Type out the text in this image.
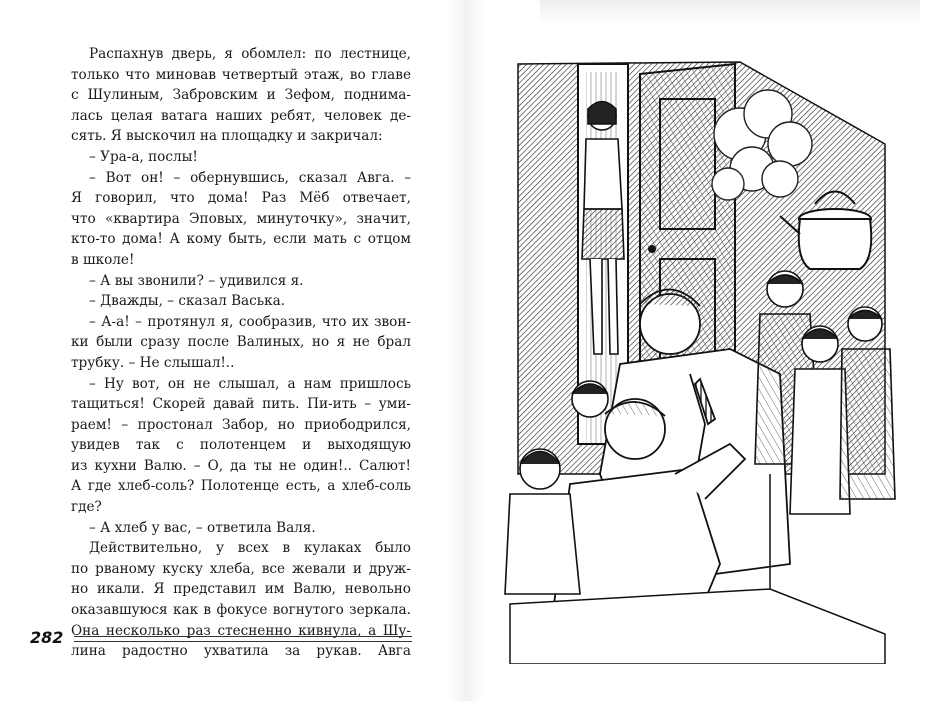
Распахнув дверь, я обомлел: по лестнице,
только что миновав четвертый этаж, во главе
с Шулиным, Забровским и Зефом, поднима-
лась целая ватага наших ребят, человек де-
сять. Я выскочил на площадку и закричал:
– Ура-а, послы!
– Вот он! – обернувшись, сказал Авга. –
Я говорил, что дома! Раз Мёб отвечает,
что «квартира Эповых, минуточку», значит,
кто-то дома! А кому быть, если мать с отцом
в школе!
– А вы звонили? – удивился я.
– Дважды, – сказал Васька.
– А-а! – протянул я, сообразив, что их звон-
ки были сразу после Валиных, но я не брал
трубку. – Не слышал!..
– Ну вот, он не слышал, а нам пришлось
тащиться! Скорей давай пить. Пи-ить – уми-
раем! – простонал Забор, но приободрился,
увидев так с полотенцем и выходящую
из кухни Валю. – О, да ты не один!.. Салют!
А где хлеб-соль? Полотенце есть, а хлеб-соль
где?
– А хлеб у вас, – ответила Валя.
Действительно, у всех в кулаках было
по рваному куску хлеба, все жевали и друж-
но икали. Я представил им Валю, невольно
оказавшуюся как в фокусе вогнутого зеркала.
Она несколько раз стесненно кивнула, а Шу-
лина радостно ухватила за рукав. Авга
282
